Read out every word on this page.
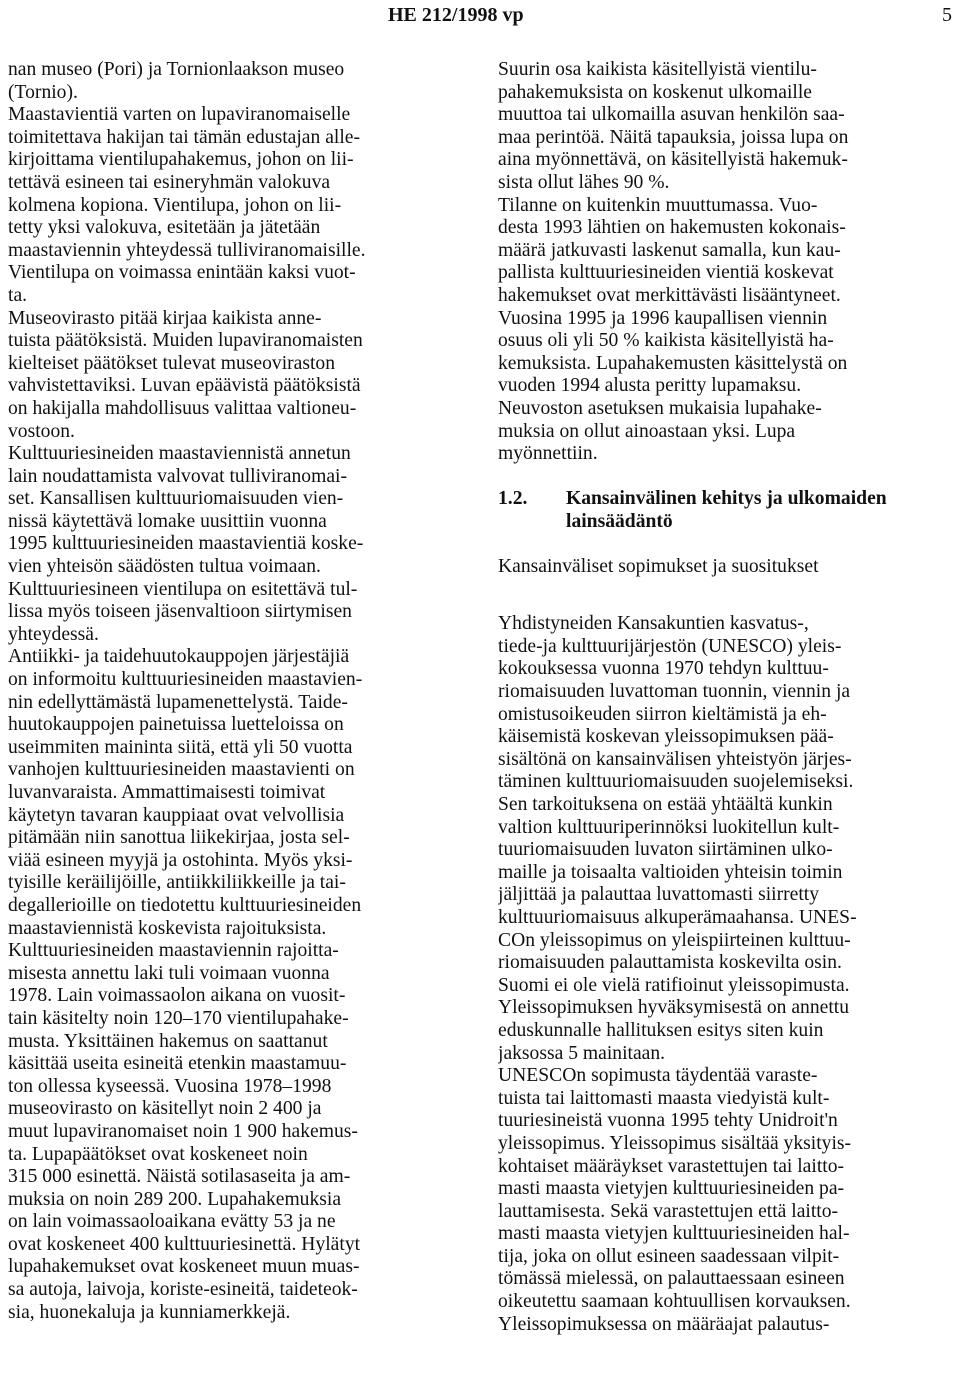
HE 212/1998 vp	5
nan museo (Pori) ja Tornionlaakson museo
(Tornio).
Maastavientiä varten on lupaviranomaiselle
toimitettava hakijan tai tämän edustajan alle-
kirjoittama vientilupahakemus, johon on lii-
tettävä esineen tai esineryhmän valokuva
kolmena kopiona. Vientilupa, johon on lii-
tetty yksi valokuva, esitetään ja jätetään
maastaviennin yhteydessä tulliviranomaisille.
Vientilupa on voimassa enintään kaksi vuot-
ta.
Museovirasto pitää kirjaa kaikista anne-
tuista päätöksistä. Muiden lupaviranomaisten
kielteiset päätökset tulevat museoviraston
vahvistettaviksi. Luvan epäävistä päätöksistä
on hakijalla mahdollisuus valittaa valtioneu-
vostoon.
Kulttuuriesineiden maastaviennistä annetun
lain noudattamista valvovat tulliviranomai-
set. Kansallisen kulttuuriomaisuuden vien-
nissä käytettävä lomake uusittiin vuonna
1995 kulttuuriesineiden maastavientiä koske-
vien yhteisön säädösten tultua voimaan.
Kulttuuriesineen vientilupa on esitettävä tul-
lissa myös toiseen jäsenvaltioon siirtymisen
yhteydessä.
Antiikki- ja taidehuutokauppojen järjestäjiä
on informoitu kulttuuriesineiden maastavien-
nin edellyttämästä lupamenettelystä. Taide-
huutokauppojen painetuissa luetteloissa on
useimmiten maininta siitä, että yli 50 vuotta
vanhojen kulttuuriesineiden maastavienti on
luvanvaraista. Ammattimaisesti toimivat
käytetyn tavaran kauppiaat ovat velvollisia
pitämään niin sanottua liikekirjaa, josta sel-
viää esineen myyjä ja ostohinta. Myös yksi-
tyisille keräilijöille, antiikkiliikkeille ja tai-
degallerioille on tiedotettu kulttuuriesineiden
maastaviennistä koskevista rajoituksista.
Kulttuuriesineiden maastaviennin rajoitta-
misesta annettu laki tuli voimaan vuonna
1978. Lain voimassaolon aikana on vuosit-
tain käsitelty noin 120–170 vientilupahake-
musta. Yksittäinen hakemus on saattanut
käsittää useita esineitä etenkin maastamuu-
ton ollessa kyseessä. Vuosina 1978–1998
museovirasto on käsitellyt noin 2 400 ja
muut lupaviranomaiset noin 1 900 hakemus-
ta. Lupapäätökset ovat koskeneet noin
315 000 esinettä. Näistä sotilasaseita ja am-
muksia on noin 289 200. Lupahakemuksia
on lain voimassaoloaikana evätty 53 ja ne
ovat koskeneet 400 kulttuuriesinettä. Hylätyt
lupahakemukset ovat koskeneet muun muas-
sa autoja, laivoja, koriste-esineitä, taideteok-
sia, huonekaluja ja kunniamerkkejä.
Suurin osa kaikista käsitellyistä vientilu-
pahakemuksista on koskenut ulkomaille
muuttoa tai ulkomailla asuvan henkilön saa-
maa perintöä. Näitä tapauksia, joissa lupa on
aina myönnettävä, on käsitellyistä hakemuk-
sista ollut lähes 90 %.
Tilanne on kuitenkin muuttumassa. Vuo-
desta 1993 lähtien on hakemusten kokonais-
määrä jatkuvasti laskenut samalla, kun kau-
pallista kulttuuriesineiden vientiä koskevat
hakemukset ovat merkittävästi lisääntyneet.
Vuosina 1995 ja 1996 kaupallisen viennin
osuus oli yli 50 % kaikista käsitellyistä ha-
kemuksista. Lupahakemusten käsittelystä on
vuoden 1994 alusta peritty lupamaksu.
Neuvoston asetuksen mukaisia lupahake-
muksia on ollut ainoastaan yksi. Lupa
myönnettiin.
1.2. Kansainvälinen kehitys ja ulkomaiden
lainsäädäntö
Kansainväliset sopimukset ja suositukset
Yhdistyneiden Kansakuntien kasvatus-,
tiede-ja kulttuurijärjestön (UNESCO) yleis-
kokouksessa vuonna 1970 tehdyn kulttuu-
riomaisuuden luvattoman tuonnin, viennin ja
omistusoikeuden siirron kieltämistä ja eh-
käisemistä koskevan yleissopimuksen pää-
sisältönä on kansainvälisen yhteistyön järjes-
täminen kulttuuriomaisuuden suojelemiseksi.
Sen tarkoituksena on estää yhtäältä kunkin
valtion kulttuuriperinnöksi luokitellun kult-
tuuriomaisuuden luvaton siirtäminen ulko-
maille ja toisaalta valtioiden yhteisin toimin
jäljittää ja palauttaa luvattomasti siirretty
kulttuuriomaisuus alkuperämaahansa. UNES-
COn yleissopimus on yleispiirteinen kulttuu-
riomaisuuden palauttamista koskevilta osin.
Suomi ei ole vielä ratifioinut yleissopimusta.
Yleissopimuksen hyväksymisestä on annettu
eduskunnalle hallituksen esitys siten kuin
jaksossa 5 mainitaan.
UNESCOn sopimusta täydentää varaste-
tuista tai laittomasti maasta viedyistä kult-
tuuriesineistä vuonna 1995 tehty Unidroit'n
yleissopimus. Yleissopimus sisältää yksityis-
kohtaiset määräykset varastettujen tai laitto-
masti maasta vietyjen kulttuuriesineiden pa-
lauttamisesta. Sekä varastettujen että laitto-
masti maasta vietyjen kulttuuriesineiden hal-
tija, joka on ollut esineen saadessaan vilpit-
tömässä mielessä, on palauttaessaan esineen
oikeutettu saamaan kohtuullisen korvauksen.
Yleissopimuksessa on määräajat palautus-
